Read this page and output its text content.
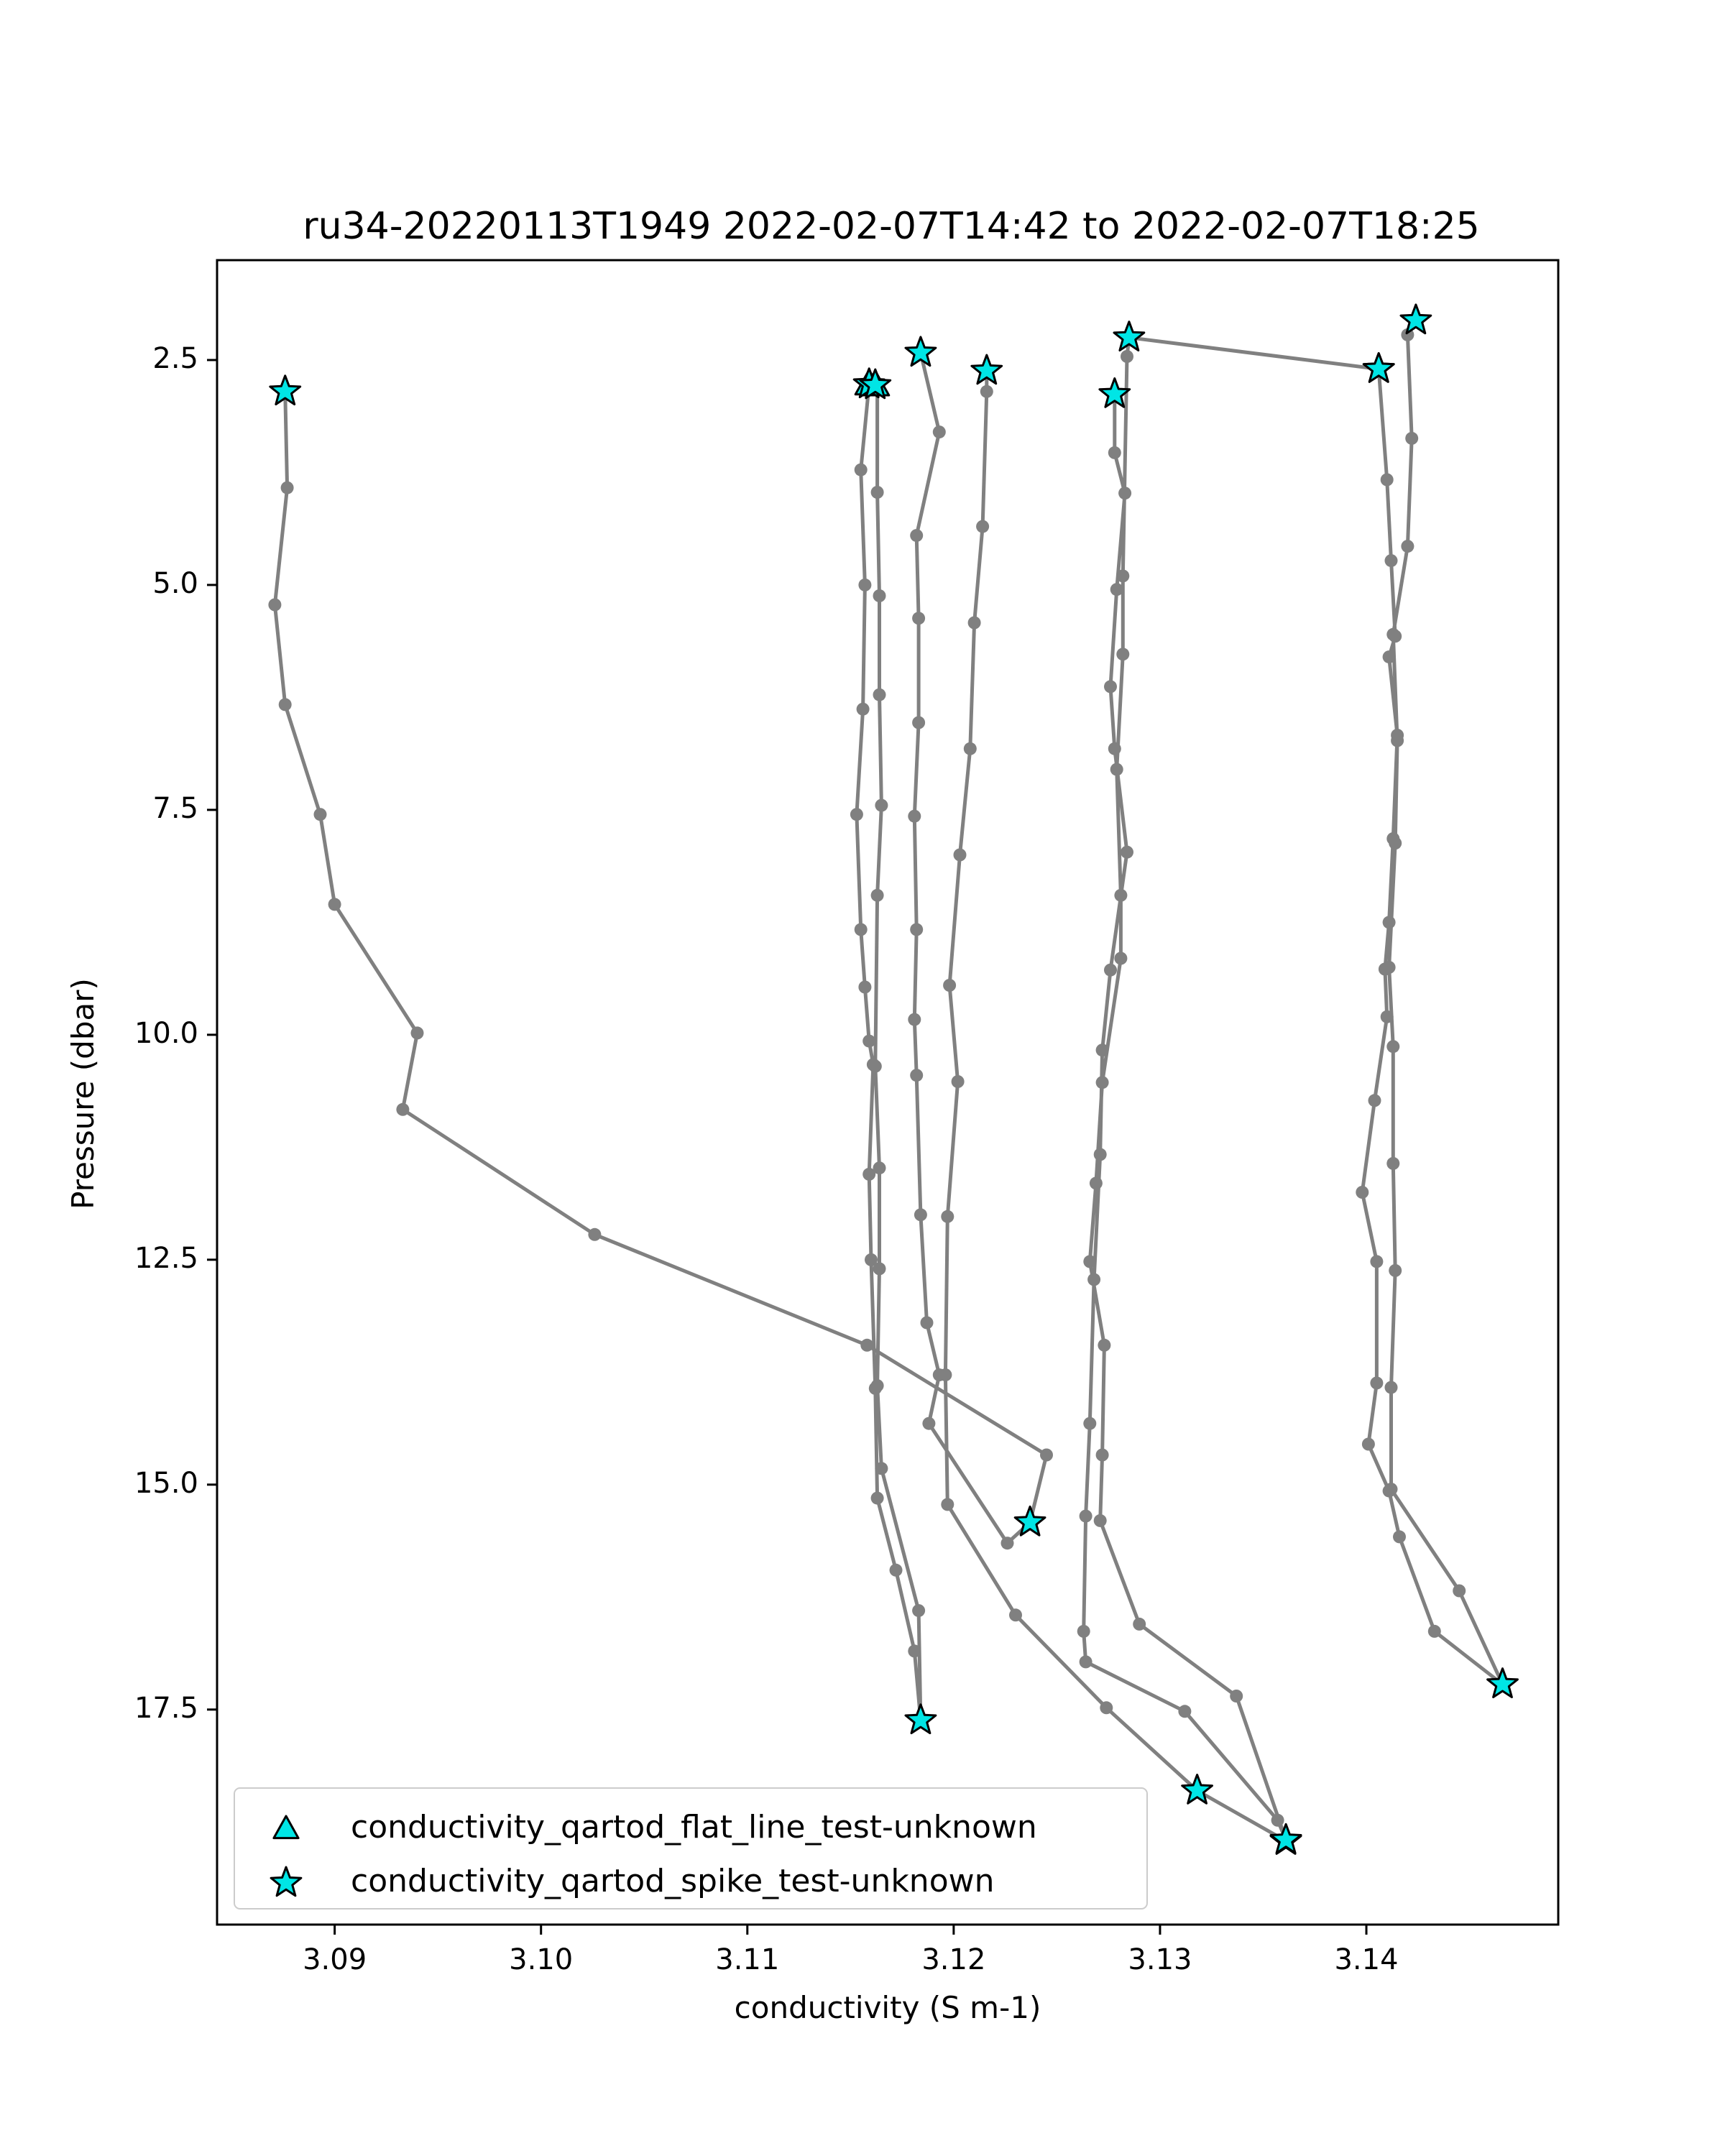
ru34-20220113T1949 2022-02-07T14:42 to 2022-02-07T18:25
3.09	3.10	3.11	3.12	3.13	3.14
2.5
5.0
7.5
10.0
12.5
15.0
17.5
conductivity (S m-1)
Pressure (dbar)
conductivity_qartod_flat_line_test-unknown
conductivity_qartod_spike_test-unknown
